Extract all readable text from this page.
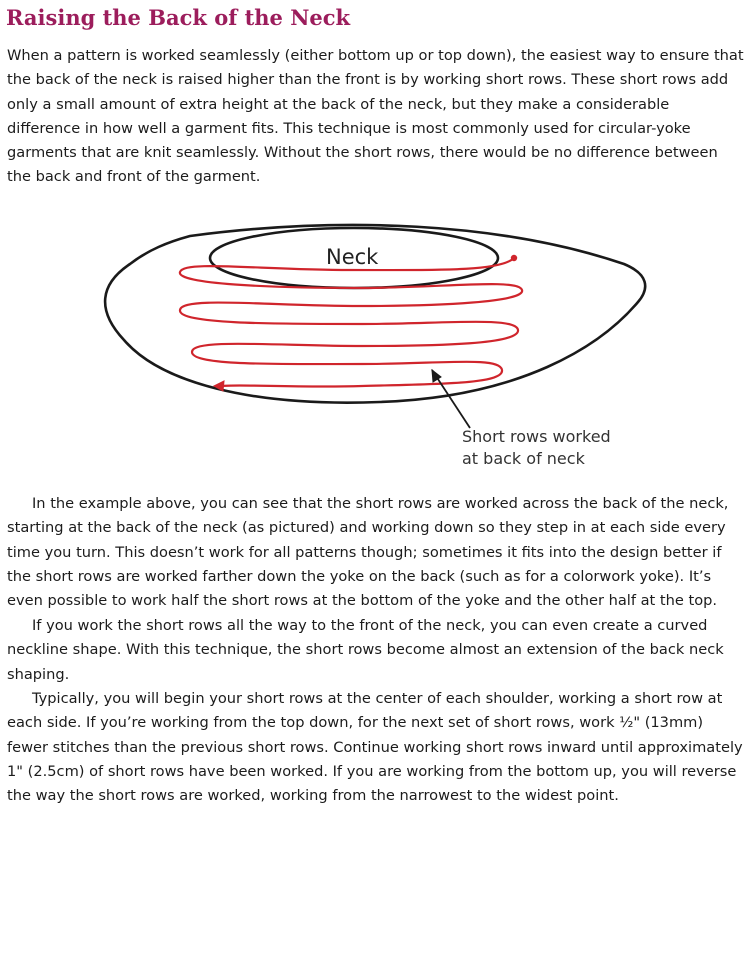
Raising the Back of the Neck

When a pattern is worked seamlessly (either bottom up or top down), the easiest way to ensure that the back of the neck is raised higher than the front is by working short rows. These short rows add only a small amount of extra height at the back of the neck, but they make a considerable difference in how well a garment fits. This technique is most commonly used for circular-yoke garments that are knit seamlessly. Without the short rows, there would be no difference between the back and front of the garment.

Neck
Short rows worked
at back of neck

In the example above, you can see that the short rows are worked across the back of the neck, starting at the back of the neck (as pictured) and working down so they step in at each side every time you turn. This doesn’t work for all patterns though; sometimes it fits into the design better if the short rows are worked farther down the yoke on the back (such as for a colorwork yoke). It’s even possible to work half the short rows at the bottom of the yoke and the other half at the top.

If you work the short rows all the way to the front of the neck, you can even create a curved neckline shape. With this technique, the short rows become almost an extension of the back neck shaping.

Typically, you will begin your short rows at the center of each shoulder, working a short row at each side. If you’re working from the top down, for the next set of short rows, work ½" (13mm) fewer stitches than the previous short rows. Continue working short rows inward until approximately 1" (2.5cm) of short rows have been worked. If you are working from the bottom up, you will reverse the way the short rows are worked, working from the narrowest to the widest point.
